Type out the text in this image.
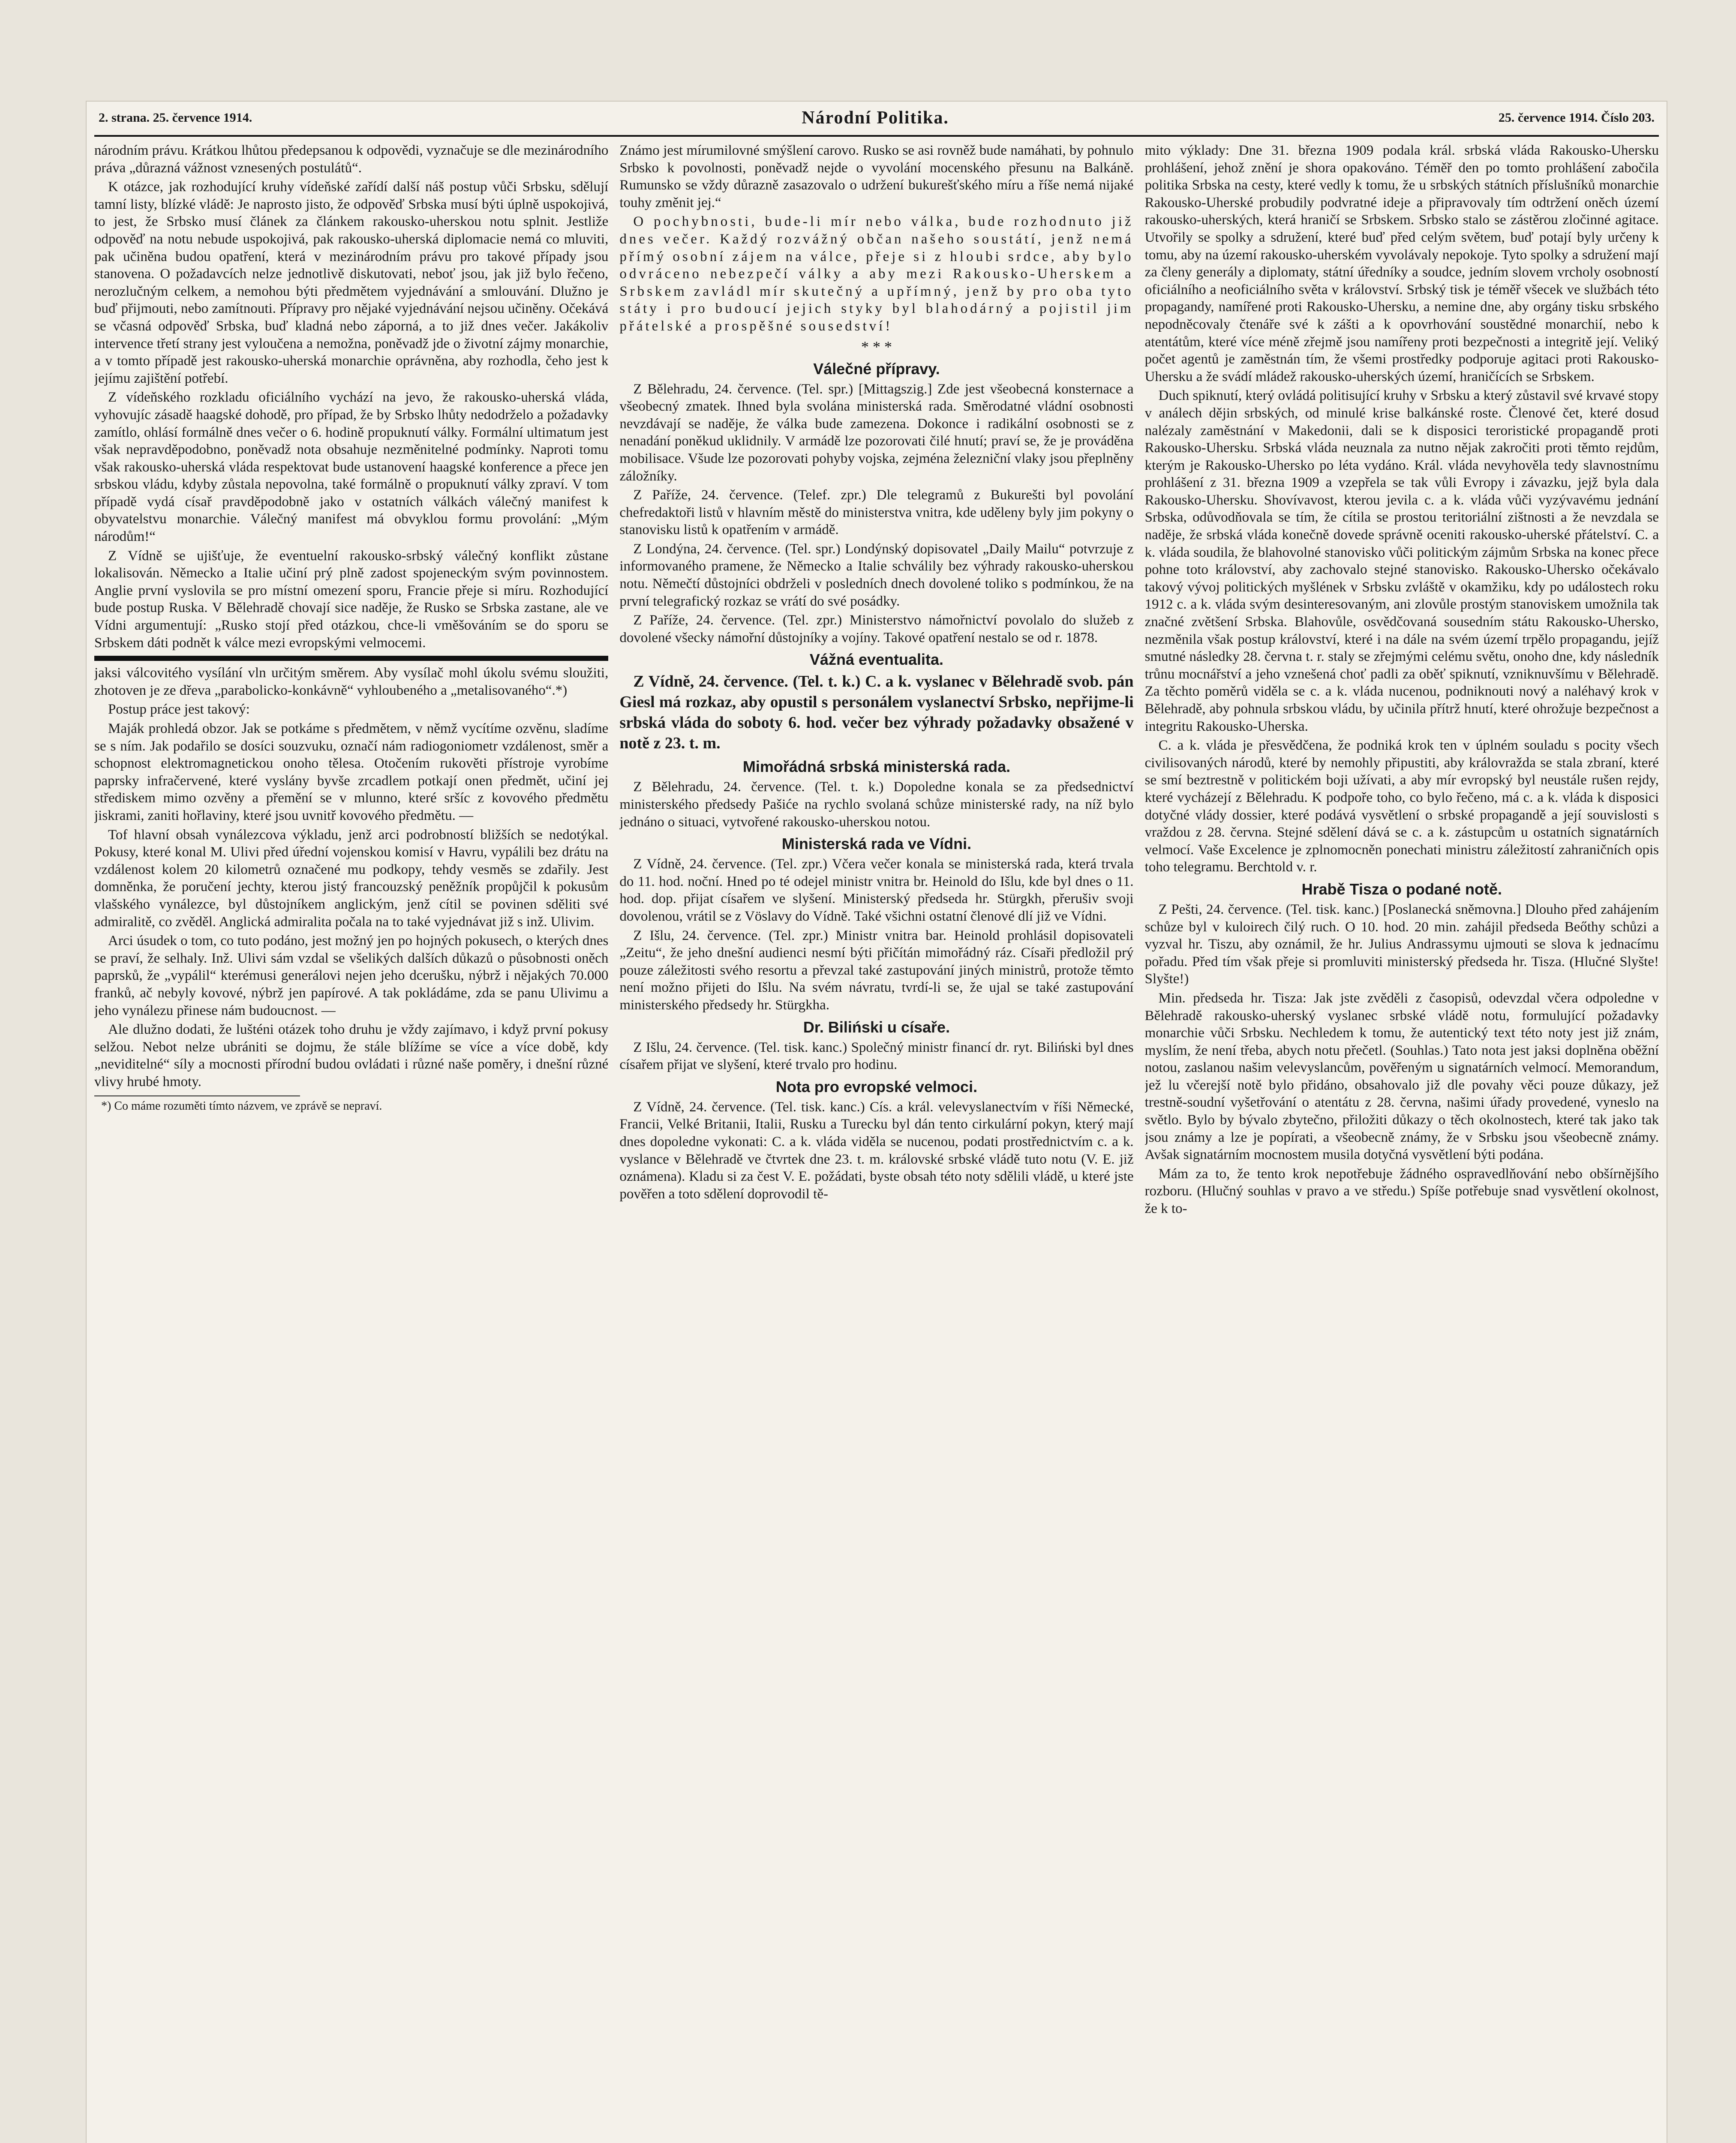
2. strana. 25. července 1914.	Národní Politika.	25. července 1914. Číslo 203.

národním právu. Krátkou lhůtou předepsanou k odpovědi, vyznačuje se dle mezinárodního práva „důrazná vážnost vznesených postulátů“.

K otázce, jak rozhodující kruhy vídeňské zařídí další náš postup vůči Srbsku, sdělují tamní listy, blízké vládě: Je naprosto jisto, že odpověď Srbska musí býti úplně uspokojivá, to jest, že Srbsko musí článek za článkem rakousko-uherskou notu splnit. Jestliže odpověď na notu nebude uspokojivá, pak rakousko-uherská diplomacie nemá co mluviti, pak učiněna budou opatření, která v mezinárodním právu pro takové případy jsou stanovena. O požadavcích nelze jednotlivě diskutovati, neboť jsou, jak již bylo řečeno, nerozlučným celkem, a nemohou býti předmětem vyjednávání a smlouvání. Dlužno je buď přijmouti, nebo zamítnouti. Přípravy pro nějaké vyjednávání nejsou učiněny. Očekává se včasná odpověď Srbska, buď kladná nebo záporná, a to již dnes večer. Jakákoliv intervence třetí strany jest vyloučena a nemožna, poněvadž jde o životní zájmy monarchie, a v tomto případě jest rakousko-uherská monarchie oprávněna, aby rozhodla, čeho jest k jejímu zajištění potřebí.

Z vídeňského rozkladu oficiálního vychází na jevo, že rakousko-uherská vláda, vyhovujíc zásadě haagské dohodě, pro případ, že by Srbsko lhůty nedodrželo a požadavky zamítlo, ohlásí formálně dnes večer o 6. hodině propuknutí války. Formální ultimatum jest však nepravděpodobno, poněvadž nota obsahuje nezměnitelné podmínky. Naproti tomu však rakousko-uherská vláda respektovat bude ustanovení haagské konference a přece jen srbskou vládu, kdyby zůstala nepovolna, také formálně o propuknutí války zpraví. V tom případě vydá císař pravděpodobně jako v ostatních válkách válečný manifest k obyvatelstvu monarchie. Válečný manifest má obvyklou formu provolání: „Mým národům!“

Z Vídně se ujišťuje, že eventuelní rakousko-srbský válečný konflikt zůstane lokalisován. Německo a Italie učiní prý plně zadost spojeneckým svým povinnostem. Anglie první vyslovila se pro místní omezení sporu, Francie přeje si míru. Rozhodující bude postup Ruska. V Bělehradě chovají sice naděje, že Rusko se Srbska zastane, ale ve Vídni argumentují: „Rusko stojí před otázkou, chce-li vměšováním se do sporu se Srbskem dáti podnět k válce mezi evropskými velmocemi.

jaksi válcovitého vysílání vln určitým směrem. Aby vysílač mohl úkolu svému sloužiti, zhotoven je ze dřeva „parabolicko-konkávně“ vyhloubeného a „metalisovaného“.*)

Postup práce jest takový:

Maják prohledá obzor. Jak se potkáme s předmětem, v němž vycítíme ozvěnu, sladíme se s ním. Jak podařilo se dosíci souzvuku, označí nám radiogoniometr vzdálenost, směr a schopnost elektromagnetickou onoho tělesa. Otočením rukověti přístroje vyrobíme paprsky infračervené, které vyslány byvše zrcadlem potkají onen předmět, učiní jej střediskem mimo ozvěny a přemění se v mlunno, které sršíc z kovového předmětu jiskrami, zaniti hořlaviny, které jsou uvnitř kovového předmětu. —

Tof hlavní obsah vynálezcova výkladu, jenž arci podrobností bližších se nedotýkal. Pokusy, které konal M. Ulivi před úřední vojenskou komisí v Havru, vypálili bez drátu na vzdálenost kolem 20 kilometrů označené mu podkopy, tehdy vesměs se zdařily. Jest domněnka, že poručení jechty, kterou jistý francouzský peněžník propůjčil k pokusům vlašského vynálezce, byl důstojníkem anglickým, jenž cítil se povinen sděliti své admiralitě, co zvěděl. Anglická admiralita počala na to také vyjednávat již s inž. Ulivim.

Arci úsudek o tom, co tuto podáno, jest možný jen po hojných pokusech, o kterých dnes se praví, že selhaly. Inž. Ulivi sám vzdal se všelikých dalších důkazů o působnosti oněch paprsků, že „vypálil“ kterémusi generálovi nejen jeho dcerušku, nýbrž i nějakých 70.000 franků, ač nebyly kovové, nýbrž jen papírové. A tak pokládáme, zda se panu Ulivimu a jeho vynálezu přinese nám budoucnost. —

Ale dlužno dodati, že lušténi otázek toho druhu je vždy zajímavo, i když první pokusy selžou. Nebot nelze ubrániti se dojmu, že stále blížíme se více a více době, kdy „neviditelné“ síly a mocnosti přírodní budou ovládati i různé naše poměry, i dnešní různé vlivy hrubé hmoty.

*) Co máme rozuměti tímto názvem, ve zprávě se nepraví.

Známo jest mírumilovné smýšlení carovo. Rusko se asi rovněž bude namáhati, by pohnulo Srbsko k povolnosti, poněvadž nejde o vyvolání mocenského přesunu na Balkáně. Rumunsko se vždy důrazně zasazovalo o udržení bukurešťského míru a říše nemá nijaké touhy změnit jej.“

O pochybnosti, bude-li mír nebo válka, bude rozhodnuto již dnes večer. Každý rozvážný občan našeho soustátí, jenž nemá přímý osobní zájem na válce, přeje si z hloubi srdce, aby bylo odvráceno nebezpečí války a aby mezi Rakousko-Uherskem a Srbskem zavládl mír skutečný a upřímný, jenž by pro oba tyto státy i pro budoucí jejich styky byl blahodárný a pojistil jim přátelské a prospěšné sousedství!

* * *
Válečné přípravy.

Z Bělehradu, 24. července. (Tel. spr.) [Mittagszig.] Zde jest všeobecná konsternace a všeobecný zmatek. Ihned byla svolána ministerská rada. Směrodatné vládní osobnosti nevzdávají se naděje, že válka bude zamezena. Dokonce i radikální osobnosti se z nenadání poněkud uklidnily. V armádě lze pozorovati čilé hnutí; praví se, že je prováděna mobilisace. Všude lze pozorovati pohyby vojska, zejména železniční vlaky jsou přeplněny záložníky.

Z Paříže, 24. července. (Telef. zpr.) Dle telegramů z Bukurešti byl povolání chefredaktoři listů v hlavním městě do ministerstva vnitra, kde uděleny byly jim pokyny o stanovisku listů k opatřením v armádě.

Z Londýna, 24. července. (Tel. spr.) Londýnský dopisovatel „Daily Mailu“ potvrzuje z informovaného pramene, že Německo a Italie schválily bez výhrady rakousko-uherskou notu. Němečtí důstojníci obdrželi v posledních dnech dovolené toliko s podmínkou, že na první telegrafický rozkaz se vrátí do své posádky.

Z Paříže, 24. července. (Tel. zpr.) Ministerstvo námořnictví povolalo do služeb z dovolené všecky námořní důstojníky a vojíny. Takové opatření nestalo se od r. 1878.

Vážná eventualita.

Z Vídně, 24. července. (Tel. t. k.) C. a k. vyslanec v Bělehradě svob. pán Giesl má rozkaz, aby opustil s personálem vyslanectví Srbsko, nepřijme-li srbská vláda do soboty 6. hod. večer bez výhrady požadavky obsažené v notě z 23. t. m.

Mimořádná srbská ministerská rada.

Z Bělehradu, 24. července. (Tel. t. k.) Dopoledne konala se za předsednictví ministerského předsedy Pašiće na rychlo svolaná schůze ministerské rady, na níž bylo jednáno o situaci, vytvořené rakousko-uherskou notou.

Ministerská rada ve Vídni.

Z Vídně, 24. července. (Tel. zpr.) Včera večer konala se ministerská rada, která trvala do 11. hod. noční. Hned po té odejel ministr vnitra br. Heinold do Išlu, kde byl dnes o 11. hod. dop. přijat císařem ve slyšení. Ministerský předseda hr. Stürgkh, přerušiv svoji dovolenou, vrátil se z Vöslavy do Vídně. Také všichni ostatní členové dlí již ve Vídni.

Z Išlu, 24. července. (Tel. zpr.) Ministr vnitra bar. Heinold prohlásil dopisovateli „Zeitu“, že jeho dnešní audienci nesmí býti přičítán mimořádný ráz. Císaři předložil prý pouze záležitosti svého resortu a převzal také zastupování jiných ministrů, protože těmto není možno přijeti do Išlu. Na svém návratu, tvrdí-li se, že ujal se také zastupování ministerského předsedy hr. Stürgkha.

Dr. Biliński u císaře.

Z Išlu, 24. července. (Tel. tisk. kanc.) Společný ministr financí dr. ryt. Biliński byl dnes císařem přijat ve slyšení, které trvalo pro hodinu.

Nota pro evropské velmoci.

Z Vídně, 24. července. (Tel. tisk. kanc.) Cís. a král. velevyslanectvím v říši Německé, Francii, Velké Britanii, Italii, Rusku a Turecku byl dán tento cirkulární pokyn, který mají dnes dopoledne vykonati: C. a k. vláda viděla se nucenou, podati prostřednictvím c. a k. vyslance v Bělehradě ve čtvrtek dne 23. t. m. královské srbské vládě tuto notu (V. E. již oznámena). Kladu si za čest V. E. požádati, byste obsah této noty sdělili vládě, u které jste pověřen a toto sdělení doprovodil tě-

mito výklady: Dne 31. března 1909 podala král. srbská vláda Rakousko-Uhersku prohlášení, jehož znění je shora opakováno. Téměř den po tomto prohlášení zabočila politika Srbska na cesty, které vedly k tomu, že u srbských státních příslušníků monarchie Rakousko-Uherské probudily podvratné ideje a připravovaly tím odtržení oněch území rakousko-uherských, která hraničí se Srbskem. Srbsko stalo se zástěrou zločinné agitace. Utvořily se spolky a sdružení, které buď před celým světem, buď potají byly určeny k tomu, aby na území rakousko-uherském vyvolávaly nepokoje. Tyto spolky a sdružení mají za členy generály a diplomaty, státní úředníky a soudce, jedním slovem vrcholy osobností oficiálního a neoficiálního světa v království. Srbský tisk je téměř všecek ve službách této propagandy, namířené proti Rakousko-Uhersku, a nemine dne, aby orgány tisku srbského nepodněcovaly čtenáře své k zášti a k opovrhování soustědné monarchií, nebo k atentátům, které více méně zřejmě jsou namířeny proti bezpečnosti a integritě její. Veliký počet agentů je zaměstnán tím, že všemi prostředky podporuje agitaci proti Rakousko-Uhersku a že svádí mládež rakousko-uherských území, hraničících se Srbskem.

Duch spiknutí, který ovládá politisující kruhy v Srbsku a který zůstavil své krvavé stopy v análech dějin srbských, od minulé krise balkánské roste. Členové čet, které dosud nalézaly zaměstnání v Makedonii, dali se k disposici teroristické propagandě proti Rakousko-Uhersku. Srbská vláda neuznala za nutno nějak zakročiti proti těmto rejdům, kterým je Rakousko-Uhersko po léta vydáno. Král. vláda nevyhověla tedy slavnostnímu prohlášení z 31. března 1909 a vzepřela se tak vůli Evropy i závazku, jejž byla dala Rakousko-Uhersku. Shovívavost, kterou jevila c. a k. vláda vůči vyzývavému jednání Srbska, odůvodňovala se tím, že cítila se prostou teritoriální zištnosti a že nevzdala se naděje, že srbská vláda konečně dovede správně oceniti rakousko-uherské přátelství. C. a k. vláda soudila, že blahovolné stanovisko vůči politickým zájmům Srbska na konec přece pohne toto království, aby zachovalo stejné stanovisko. Rakousko-Uhersko očekávalo takový vývoj politických myšlének v Srbsku zvláště v okamžiku, kdy po událostech roku 1912 c. a k. vláda svým desinteresovaným, ani zlovůle prostým stanoviskem umožnila tak značné zvětšení Srbska. Blahovůle, osvědčovaná sousedním státu Rakousko-Uhersko, nezměnila však postup království, které i na dále na svém území trpělo propagandu, jejíž smutné následky 28. června t. r. staly se zřejmými celému světu, onoho dne, kdy následník trůnu mocnářství a jeho vznešená choť padli za oběť spiknutí, vzniknuvšímu v Bělehradě. Za těchto poměrů viděla se c. a k. vláda nucenou, podniknouti nový a naléhavý krok v Bělehradě, aby pohnula srbskou vládu, by učinila přítrž hnutí, které ohrožuje bezpečnost a integritu Rakousko-Uherska.

C. a k. vláda je přesvědčena, že podniká krok ten v úplném souladu s pocity všech civilisovaných národů, které by nemohly připustiti, aby královražda se stala zbraní, které se smí beztrestně v politickém boji užívati, a aby mír evropský byl neustále rušen rejdy, které vycházejí z Bělehradu. K podpoře toho, co bylo řečeno, má c. a k. vláda k disposici dotyčné vlády dossier, které podává vysvětlení o srbské propagandě a její souvislosti s vraždou z 28. června. Stejné sdělení dává se c. a k. zástupcům u ostatních signatárních velmocí. Vaše Excelence je zplnomocněn ponechati ministru záležitostí zahraničních opis toho telegramu. Berchtold v. r.

Hrabě Tisza o podané notě.

Z Pešti, 24. července. (Tel. tisk. kanc.) [Poslanecká sněmovna.] Dlouho před zahájením schůze byl v kuloirech čilý ruch. O 10. hod. 20 min. zahájil předseda Beőthy schůzi a vyzval hr. Tiszu, aby oznámil, že hr. Julius Andrassymu ujmouti se slova k jednacímu pořadu. Před tím však přeje si promluviti ministerský předseda hr. Tisza. (Hlučné Slyšte! Slyšte!)

Min. předseda hr. Tisza: Jak jste zvěděli z časopisů, odevzdal včera odpoledne v Bělehradě rakousko-uherský vyslanec srbské vládě notu, formulující požadavky monarchie vůči Srbsku. Nechledem k tomu, že autentický text této noty jest již znám, myslím, že není třeba, abych notu přečetl. (Souhlas.) Tato nota jest jaksi doplněna oběžní notou, zaslanou našim velevyslancům, pověřeným u signatárních velmocí. Memorandum, jež lu včerejší notě bylo přidáno, obsahovalo již dle povahy věci pouze důkazy, jež trestně-soudní vyšetřování o atentátu z 28. června, našimi úřady provedené, vyneslo na světlo. Bylo by bývalo zbytečno, přiložiti důkazy o těch okolnostech, které tak jako tak jsou známy a lze je popírati, a všeobecně známy, že v Srbsku jsou všeobecně známy. Avšak signatárním mocnostem musila dotyčná vysvětlení býti podána.

Mám za to, že tento krok nepotřebuje žádného ospravedlňování nebo obšírnějšího rozboru. (Hlučný souhlas v pravo a ve středu.) Spíše potřebuje snad vysvětlení okolnost, že k to-
